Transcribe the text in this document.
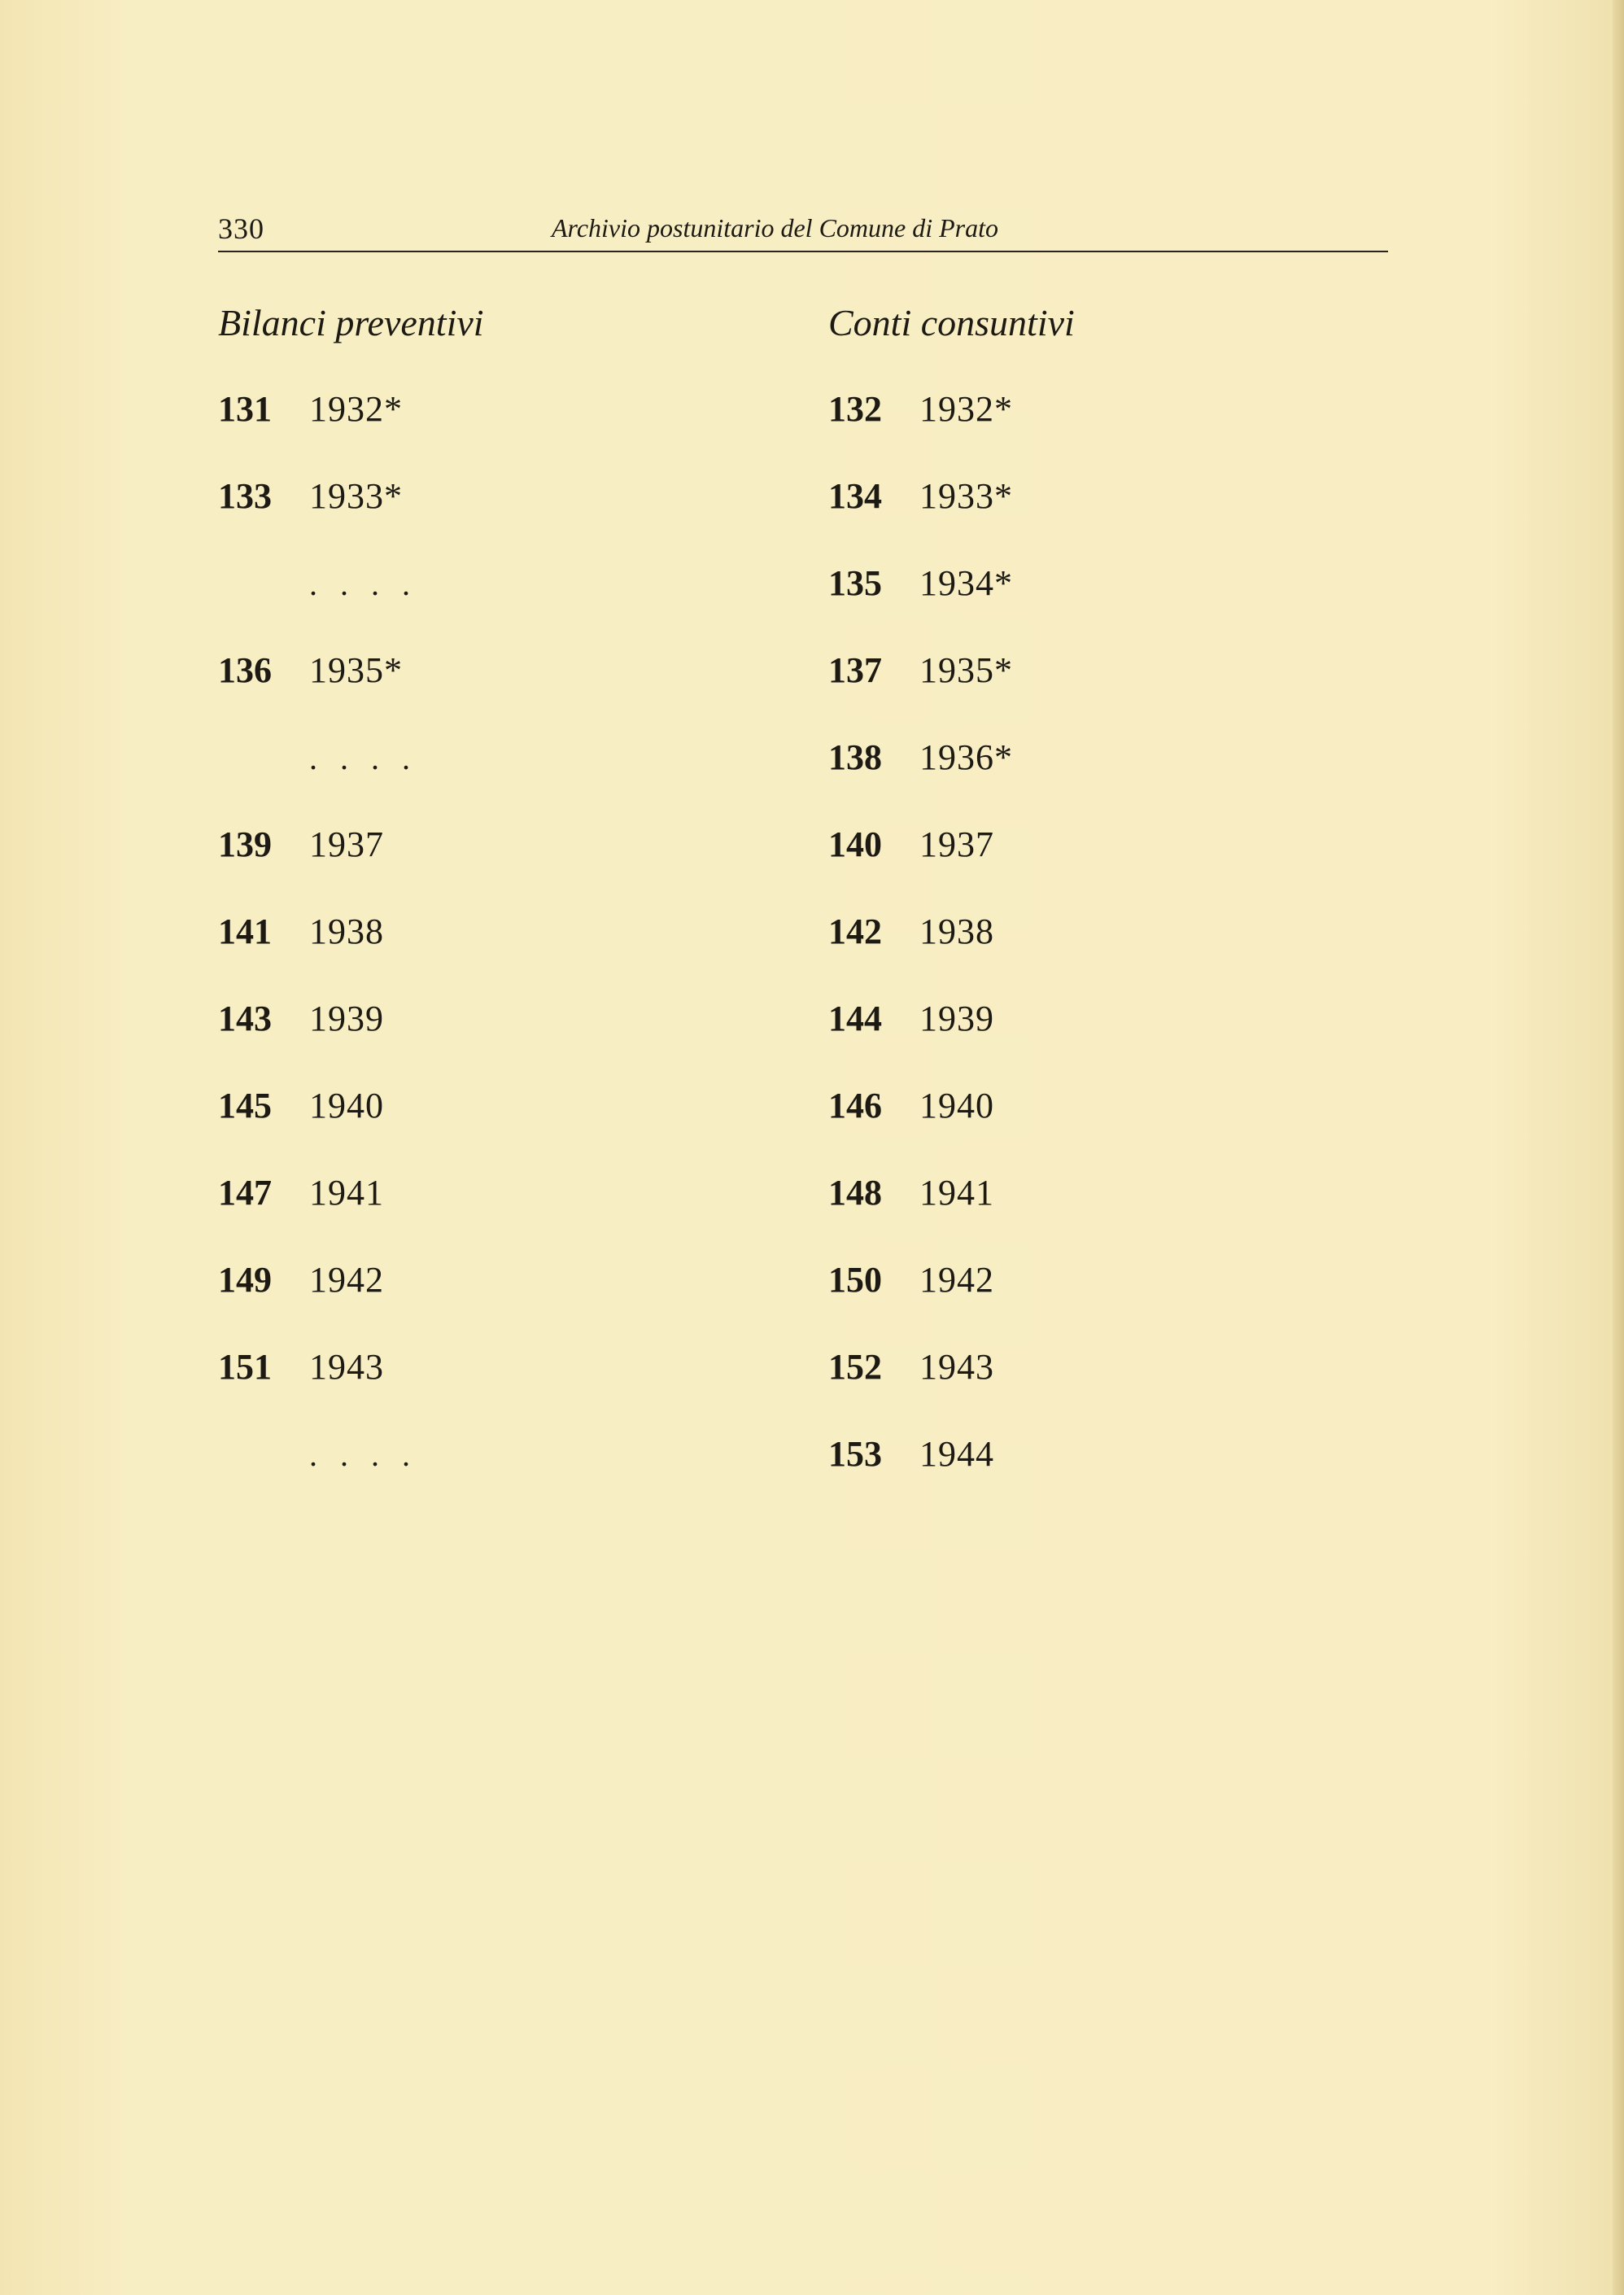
330	Archivio postunitario del Comune di Prato
Bilanci preventivi
131 1932*
133 1933*
. . . .
136 1935*
. . . .
139 1937
141 1938
143 1939
145 1940
147 1941
149 1942
151 1943
. . . .
Conti consuntivi
132 1932*
134 1933*
135 1934*
137 1935*
138 1936*
140 1937
142 1938
144 1939
146 1940
148 1941
150 1942
152 1943
153 1944
